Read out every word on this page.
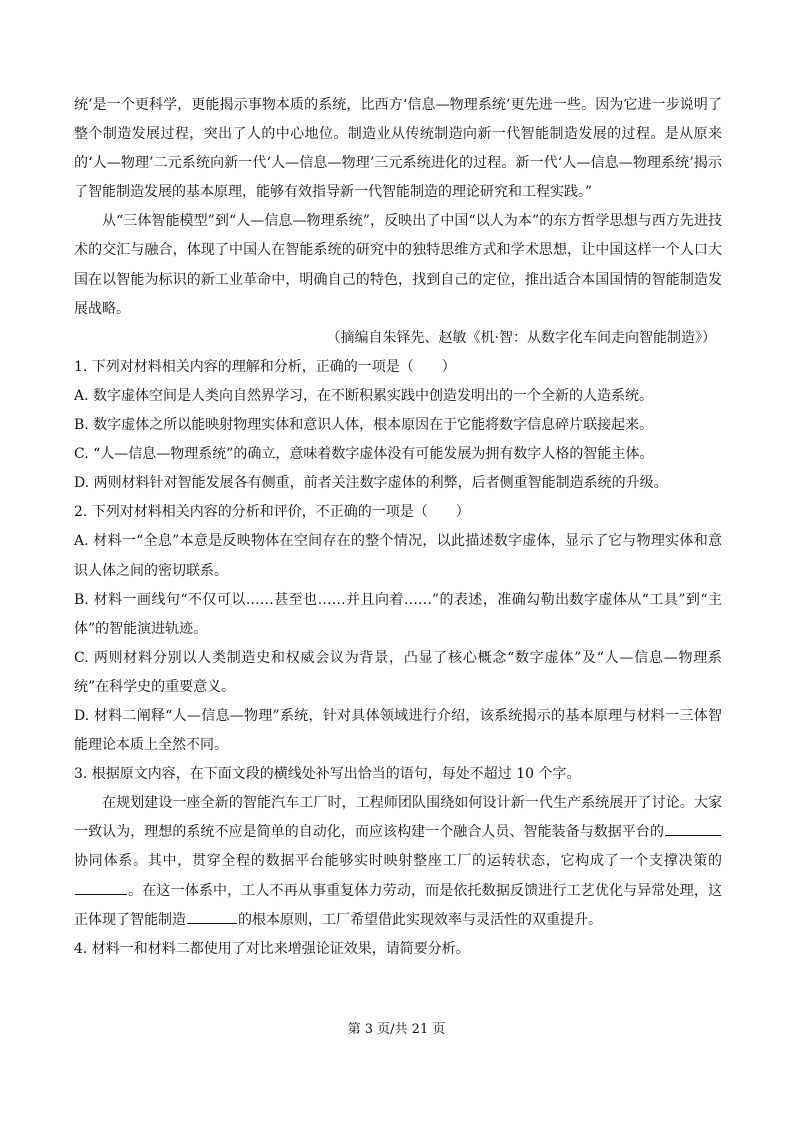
统’是一个更科学，更能揭示事物本质的系统，比西方‘信息—物理系统’更先进一些。因为它进一步说明了整个制造发展过程，突出了人的中心地位。制造业从传统制造向新一代智能制造发展的过程。是从原来的‘人—物理’二元系统向新一代‘人—信息—物理’三元系统进化的过程。新一代‘人—信息—物理系统’揭示了智能制造发展的基本原理，能够有效指导新一代智能制造的理论研究和工程实践。”

从“三体智能模型”到“人—信息—物理系统”，反映出了中国“以人为本”的东方哲学思想与西方先进技术的交汇与融合，体现了中国人在智能系统的研究中的独特思维方式和学术思想，让中国这样一个人口大国在以智能为标识的新工业革命中，明确自己的特色，找到自己的定位，推出适合本国国情的智能制造发展战略。

（摘编自朱铎先、赵敏《机·智：从数字化车间走向智能制造》）

1. 下列对材料相关内容的理解和分析，正确的一项是（　　）

A. 数字虚体空间是人类向自然界学习，在不断积累实践中创造发明出的一个全新的人造系统。

B. 数字虚体之所以能映射物理实体和意识人体，根本原因在于它能将数字信息碎片联接起来。

C. “人—信息—物理系统”的确立，意味着数字虚体没有可能发展为拥有数字人格的智能主体。

D. 两则材料针对智能发展各有侧重，前者关注数字虚体的利弊，后者侧重智能制造系统的升级。

2. 下列对材料相关内容的分析和评价，不正确的一项是（　　）

A. 材料一“全息”本意是反映物体在空间存在的整个情况，以此描述数字虚体，显示了它与物理实体和意识人体之间的密切联系。

B. 材料一画线句“不仅可以……甚至也……并且向着……”的表述，准确勾勒出数字虚体从“工具”到“主体”的智能演进轨迹。

C. 两则材料分别以人类制造史和权威会议为背景，凸显了核心概念“数字虚体”及“人—信息—物理系统”在科学史的重要意义。

D. 材料二阐释“人—信息—物理”系统，针对具体领域进行介绍，该系统揭示的基本原理与材料一三体智能理论本质上全然不同。

3. 根据原文内容，在下面文段的横线处补写出恰当的语句，每处不超过 10 个字。

在规划建设一座全新的智能汽车工厂时，工程师团队围绕如何设计新一代生产系统展开了讨论。大家一致认为，理想的系统不应是简单的自动化，而应该构建一个融合人员、智能装备与数据平台的协同体系。其中，贯穿全程的数据平台能够实时映射整座工厂的运转状态，它构成了一个支撑决策的。在这一体系中，工人不再从事重复体力劳动，而是依托数据反馈进行工艺优化与异常处理，这正体现了智能制造	的根本原则，工厂希望借此实现效率与灵活性的双重提升。

4. 材料一和材料二都使用了对比来增强论证效果，请简要分析。

第 3 页/共 21 页
